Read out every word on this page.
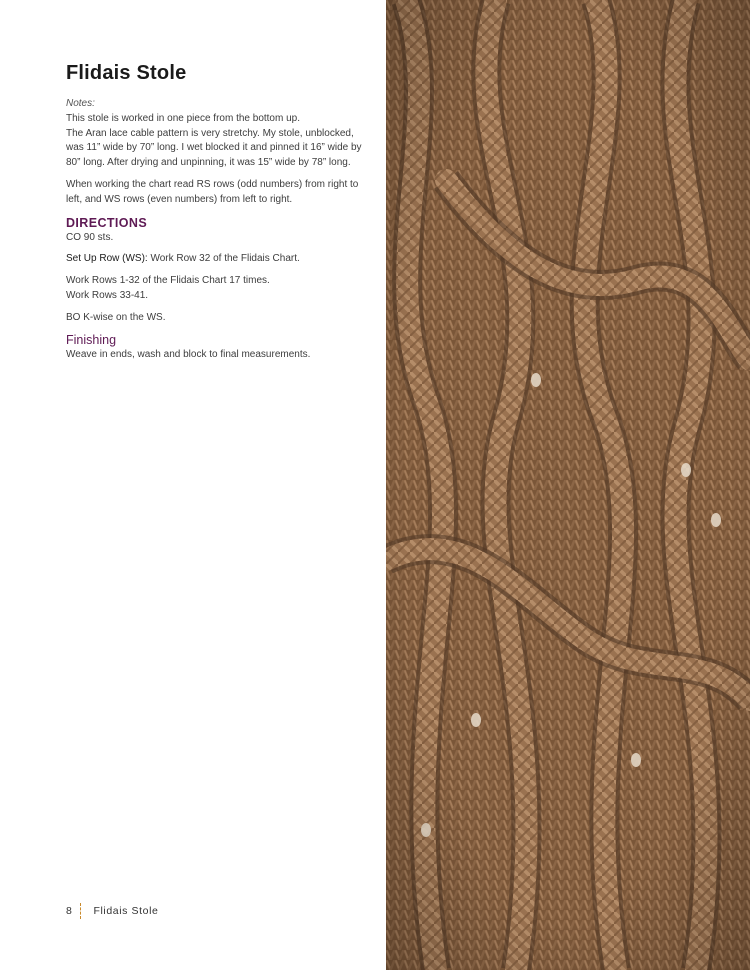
Flidais Stole

Notes:

This stole is worked in one piece from the bottom up.

The Aran lace cable pattern is very stretchy. My stole, unblocked, was 11” wide by 70” long. I wet blocked it and pinned it 16” wide by 80” long. After drying and unpinning, it was 15” wide by 78” long.

When working the chart read RS rows (odd numbers) from right to left, and WS rows (even numbers) from left to right.

DIRECTIONS

CO 90 sts.

Set Up Row (WS): Work Row 32 of the Flidais Chart.

Work Rows 1-32 of the Flidais Chart 17 times.

Work Rows 33-41.

BO K-wise on the WS.

Finishing

Weave in ends, wash and block to final measurements.

8 Flidais Stole
